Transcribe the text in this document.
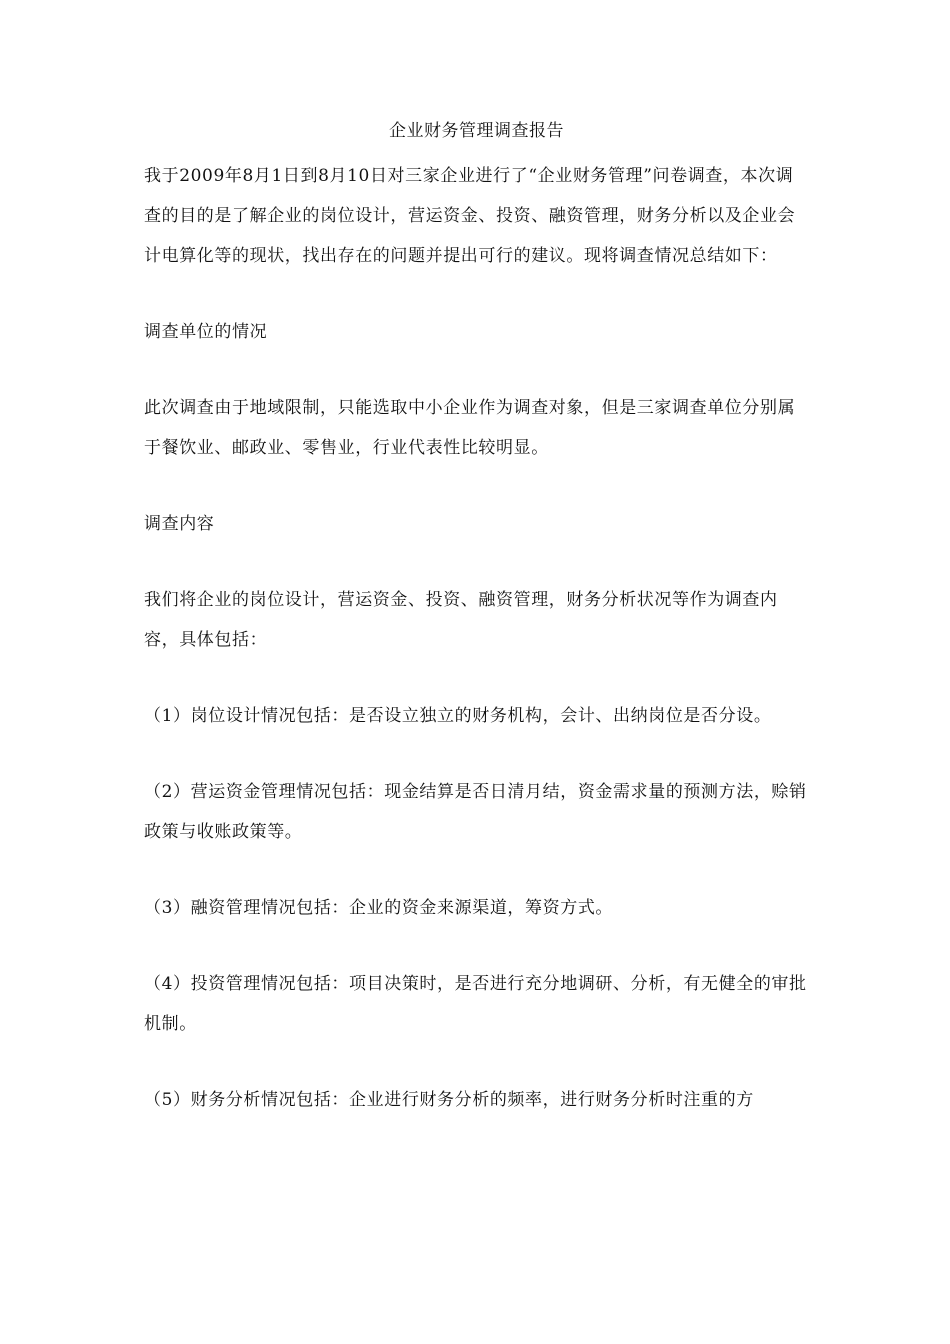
企业财务管理调查报告

我于2009年8月1日到8月10日对三家企业进行了“企业财务管理”问卷调查，本次调查的目的是了解企业的岗位设计，营运资金、投资、融资管理，财务分析以及企业会计电算化等的现状，找出存在的问题并提出可行的建议。现将调查情况总结如下：

调查单位的情况

此次调查由于地域限制，只能选取中小企业作为调查对象，但是三家调查单位分别属于餐饮业、邮政业、零售业，行业代表性比较明显。

调查内容

我们将企业的岗位设计，营运资金、投资、融资管理，财务分析状况等作为调查内容，具体包括：

（1）岗位设计情况包括：是否设立独立的财务机构，会计、出纳岗位是否分设。

（2）营运资金管理情况包括：现金结算是否日清月结，资金需求量的预测方法，赊销政策与收账政策等。

（3）融资管理情况包括：企业的资金来源渠道，筹资方式。

（4）投资管理情况包括：项目决策时，是否进行充分地调研、分析，有无健全的审批机制。

（5）财务分析情况包括：企业进行财务分析的频率，进行财务分析时注重的方
